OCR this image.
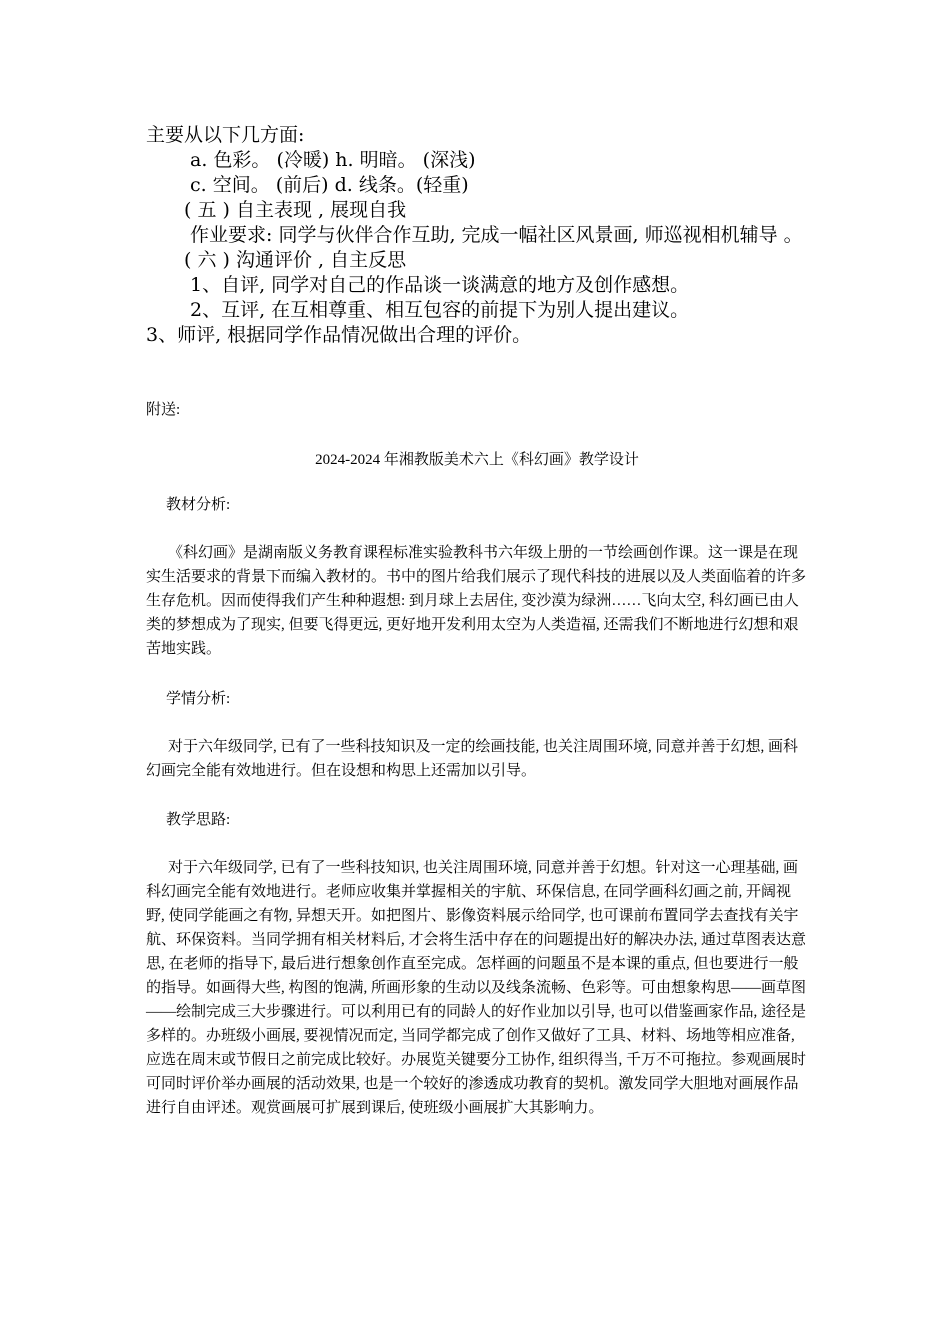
主要从以下几方面:

a. 色彩。 (冷暖) h. 明暗。 (深浅)

c. 空间。 (前后) d. 线条。(轻重)

( 五 ) 自主表现 , 展现自我

作业要求: 同学与伙伴合作互助, 完成一幅社区风景画, 师巡视相机辅导 。

( 六 ) 沟通评价 , 自主反思

1、自评, 同学对自己的作品谈一谈满意的地方及创作感想。

2、互评, 在互相尊重、相互包容的前提下为别人提出建议。

3、师评, 根据同学作品情况做出合理的评价。

附送:
2024-2024 年湘教版美术六上《科幻画》教学设计

教材分析:

《科幻画》是湖南版义务教育课程标准实验教科书六年级上册的一节绘画创作课。这一课是在现实生活要求的背景下而编入教材的。书中的图片给我们展示了现代科技的进展以及人类面临着的许多生存危机。因而使得我们产生种种遐想: 到月球上去居住, 变沙漠为绿洲……飞向太空, 科幻画已由人类的梦想成为了现实, 但要飞得更远, 更好地开发利用太空为人类造福, 还需我们不断地进行幻想和艰苦地实践。

学情分析:

对于六年级同学, 已有了一些科技知识及一定的绘画技能, 也关注周围环境, 同意并善于幻想, 画科幻画完全能有效地进行。但在设想和构思上还需加以引导。

教学思路:

对于六年级同学, 已有了一些科技知识, 也关注周围环境, 同意并善于幻想。针对这一心理基础, 画科幻画完全能有效地进行。老师应收集并掌握相关的宇航、环保信息, 在同学画科幻画之前, 开阔视野, 使同学能画之有物, 异想天开。如把图片、影像资料展示给同学, 也可课前布置同学去查找有关宇航、环保资料。当同学拥有相关材料后, 才会将生活中存在的问题提出好的解决办法, 通过草图表达意思, 在老师的指导下, 最后进行想象创作直至完成。怎样画的问题虽不是本课的重点, 但也要进行一般的指导。如画得大些, 构图的饱满, 所画形象的生动以及线条流畅、色彩等。可由想象构思——画草图——绘制完成三大步骤进行。可以利用已有的同龄人的好作业加以引导, 也可以借鉴画家作品, 途径是多样的。办班级小画展, 要视情况而定, 当同学都完成了创作又做好了工具、材料、场地等相应准备, 应选在周末或节假日之前完成比较好。办展览关键要分工协作, 组织得当, 千万不可拖拉。参观画展时可同时评价举办画展的活动效果, 也是一个较好的渗透成功教育的契机。激发同学大胆地对画展作品进行自由评述。观赏画展可扩展到课后, 使班级小画展扩大其影响力。
